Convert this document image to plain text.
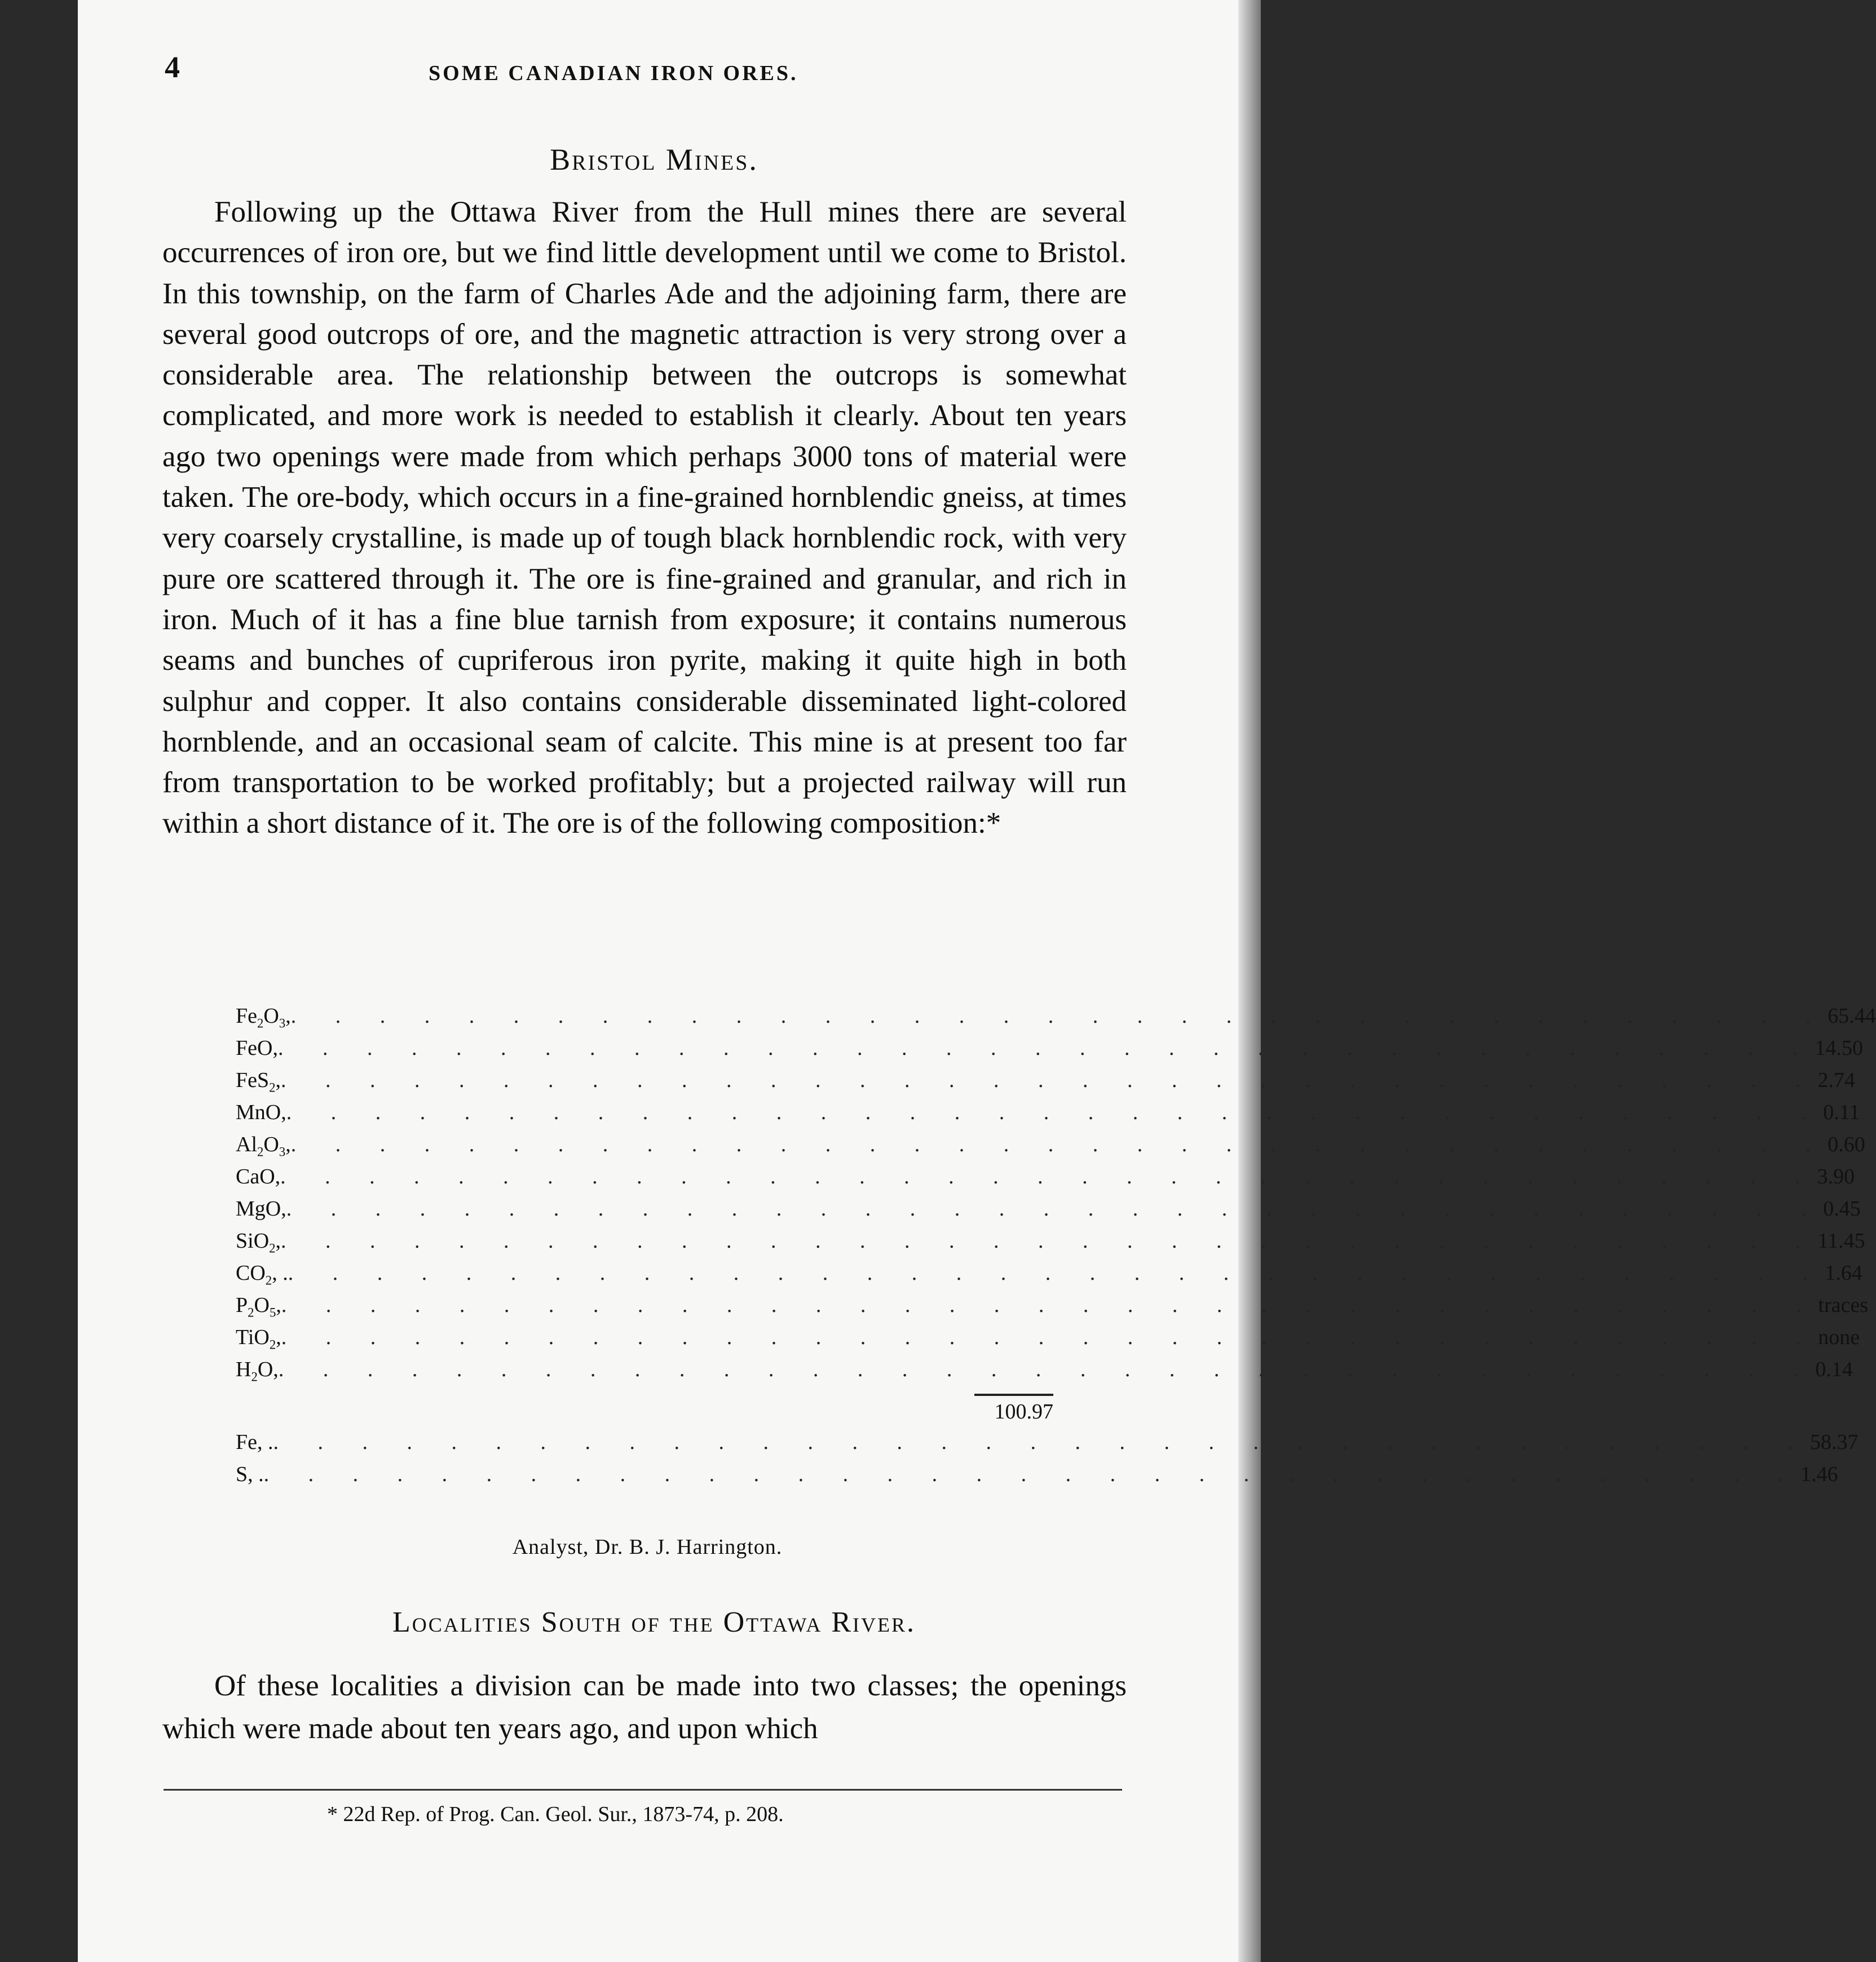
4	SOME CANADIAN IRON ORES.
Bristol Mines.
Following up the Ottawa River from the Hull mines there are several occurrences of iron ore, but we find little development until we come to Bristol. In this township, on the farm of Charles Ade and the adjoining farm, there are several good outcrops of ore, and the magnetic attraction is very strong over a considerable area. The relationship between the outcrops is somewhat complicated, and more work is needed to establish it clearly. About ten years ago two openings were made from which perhaps 3000 tons of material were taken. The ore-body, which occurs in a fine-grained hornblendic gneiss, at times very coarsely crystalline, is made up of tough black hornblendic rock, with very pure ore scattered through it. The ore is fine-grained and granular, and rich in iron. Much of it has a fine blue tarnish from exposure; it contains numerous seams and bunches of cupriferous iron pyrite, making it quite high in both sulphur and copper. It also contains considerable disseminated light-colored hornblende, and an occasional seam of calcite. This mine is at present too far from transportation to be worked profitably; but a projected railway will run within a short distance of it. The ore is of the following composition:*
$Fe_2O_3$, . . . . . . . . . . . . . . . . . . . . . . . . . . . . . . . . . . . 65.44
FeO, . . . . . . . . . . . . . . . . . . . . . . . . . . . . . . . . . . . 14.50
FeS$_2$, . . . . . . . . . . . . . . . . . . . . . . . . . . . . . . . . . . . 2.74
MnO, . . . . . . . . . . . . . . . . . . . . . . . . . . . . . . . . . . . 0.11
$Al_2O_3$, . . . . . . . . . . . . . . . . . . . . . . . . . . . . . . . . . . . 0.60
CaO, . . . . . . . . . . . . . . . . . . . . . . . . . . . . . . . . . . . 3.90
MgO, . . . . . . . . . . . . . . . . . . . . . . . . . . . . . . . . . . . 0.45
SiO$_2$, . . . . . . . . . . . . . . . . . . . . . . . . . . . . . . . . . . . 11.45
$CO_2$, . . . . . . . . . . . . . . . . . . . . . . . . . . . . . . . . . . . . 1.64
$P_2O_5$, . . . . . . . . . . . . . . . . . . . . . . . . . . . . . . . . . . . traces
TiO$_2$, . . . . . . . . . . . . . . . . . . . . . . . . . . . . . . . . . . . none
$H_2O$, . . . . . . . . . . . . . . . . . . . . . . . . . . . . . . . . . . . 0.14
100.97
Fe, . . . . . . . . . . . . . . . . . . . . . . . . . . . . . . . . . . . . 58.37
S, . . . . . . . . . . . . . . . . . . . . . . . . . . . . . . . . . . . . 1.46
Analyst, Dr. B. J. Harrington.
Localities South of the Ottawa River.
Of these localities a division can be made into two classes; the openings which were made about ten years ago, and upon which
* 22d Rep. of Prog. Can. Geol. Sur., 1873-74, p. 208.
